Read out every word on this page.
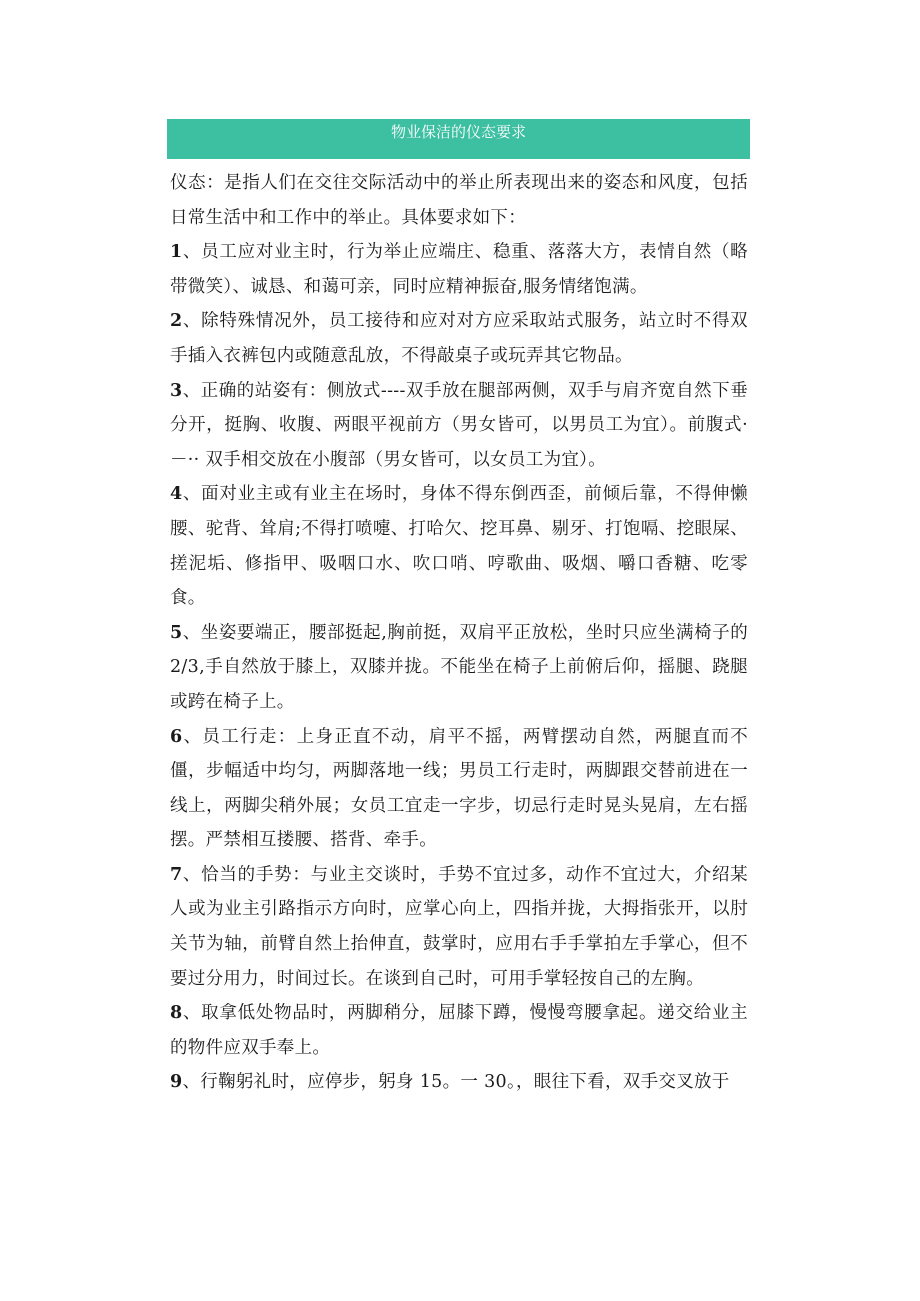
物业保洁的仪态要求

仪态：是指人们在交往交际活动中的举止所表现出来的姿态和风度，包括日常生活中和工作中的举止。具体要求如下：

1、员工应对业主时，行为举止应端庄、稳重、落落大方，表情自然（略带微笑）、诚恳、和蔼可亲，同时应精神振奋,服务情绪饱满。

2、除特殊情况外，员工接待和应对对方应采取站式服务，站立时不得双手插入衣裤包内或随意乱放，不得敲桌子或玩弄其它物品。

3、正确的站姿有：侧放式----双手放在腿部两侧，双手与肩齐宽自然下垂分开，挺胸、收腹、两眼平视前方（男女皆可，以男员工为宜）。前腹式·－·· 双手相交放在小腹部（男女皆可，以女员工为宜）。

4、面对业主或有业主在场时，身体不得东倒西歪，前倾后靠，不得伸懒腰、驼背、耸肩;不得打喷嚏、打哈欠、挖耳鼻、剔牙、打饱嗝、挖眼屎、搓泥垢、修指甲、吸咽口水、吹口哨、哼歌曲、吸烟、嚼口香糖、吃零食。

5、坐姿要端正，腰部挺起,胸前挺，双肩平正放松，坐时只应坐满椅子的 2/3,手自然放于膝上，双膝并拢。不能坐在椅子上前俯后仰，摇腿、跷腿或跨在椅子上。

6、员工行走：上身正直不动，肩平不摇，两臂摆动自然，两腿直而不僵，步幅适中均匀，两脚落地一线；男员工行走时，两脚跟交替前进在一线上，两脚尖稍外展；女员工宜走一字步，切忌行走时晃头晃肩，左右摇摆。严禁相互搂腰、搭背、牵手。

7、恰当的手势：与业主交谈时，手势不宜过多，动作不宜过大，介绍某人或为业主引路指示方向时，应掌心向上，四指并拢，大拇指张开，以肘关节为轴，前臂自然上抬伸直，鼓掌时，应用右手手掌拍左手掌心，但不要过分用力，时间过长。在谈到自己时，可用手掌轻按自己的左胸。

8、取拿低处物品时，两脚稍分，屈膝下蹲，慢慢弯腰拿起。递交给业主的物件应双手奉上。

9、行鞠躬礼时，应停步，躬身 15。一 30。，眼往下看，双手交叉放于
